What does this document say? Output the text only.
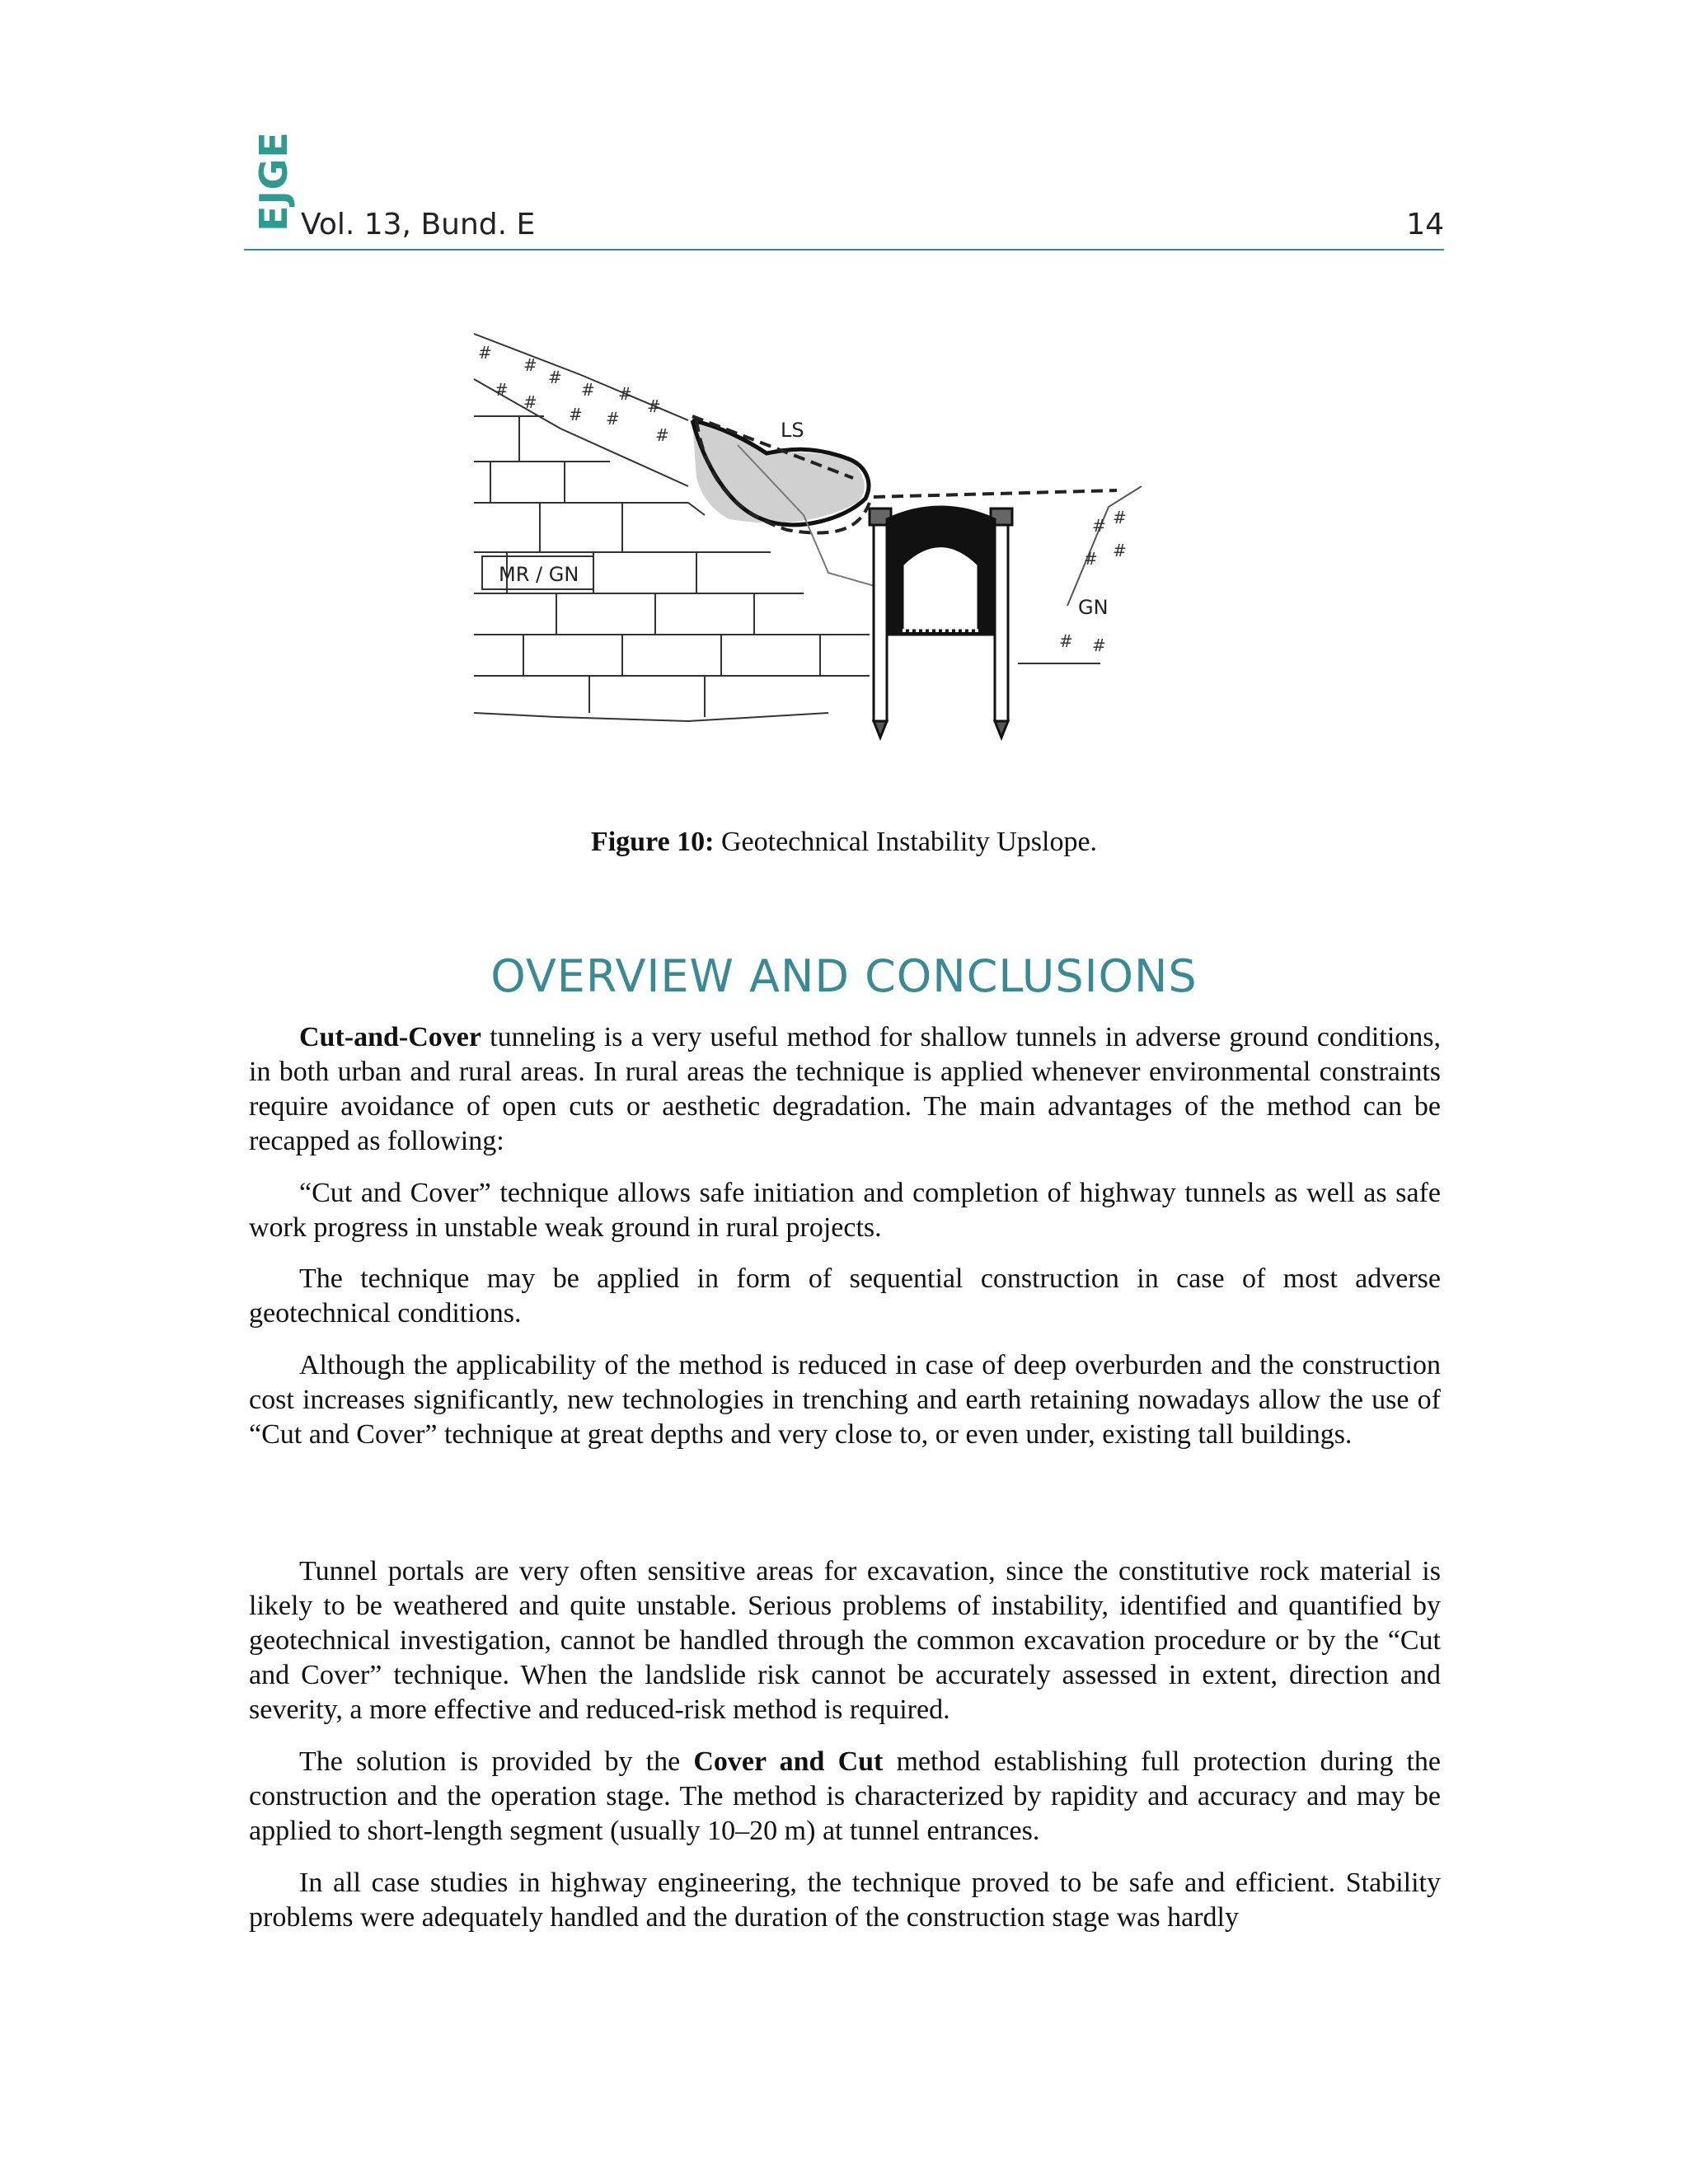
EJGE Vol. 13, Bund. E	14
#
#
#
#	#
#	#
# #
#
#
# #
# #
# #
LS
MR / GN
GN
Figure 10: Geotechnical Instability Upslope.
OVERVIEW AND CONCLUSIONS

Cut-and-Cover tunneling is a very useful method for shallow tunnels in adverse ground conditions, in both urban and rural areas. In rural areas the technique is applied whenever environmental constraints require avoidance of open cuts or aesthetic degradation. The main advantages of the method can be recapped as following:

“Cut and Cover” technique allows safe initiation and completion of highway tunnels as well as safe work progress in unstable weak ground in rural projects.

The technique may be applied in form of sequential construction in case of most adverse geotechnical conditions.

Although the applicability of the method is reduced in case of deep overburden and the construction cost increases significantly, new technologies in trenching and earth retaining nowadays allow the use of “Cut and Cover” technique at great depths and very close to, or even under, existing tall buildings.

Tunnel portals are very often sensitive areas for excavation, since the constitutive rock material is likely to be weathered and quite unstable. Serious problems of instability, identified and quantified by geotechnical investigation, cannot be handled through the common excavation procedure or by the “Cut and Cover” technique. When the landslide risk cannot be accurately assessed in extent, direction and severity, a more effective and reduced-risk method is required.

The solution is provided by the Cover and Cut method establishing full protection during the construction and the operation stage. The method is characterized by rapidity and accuracy and may be applied to short-length segment (usually 10–20 m) at tunnel entrances.

In all case studies in highway engineering, the technique proved to be safe and efficient. Stability problems were adequately handled and the duration of the construction stage was hardly
